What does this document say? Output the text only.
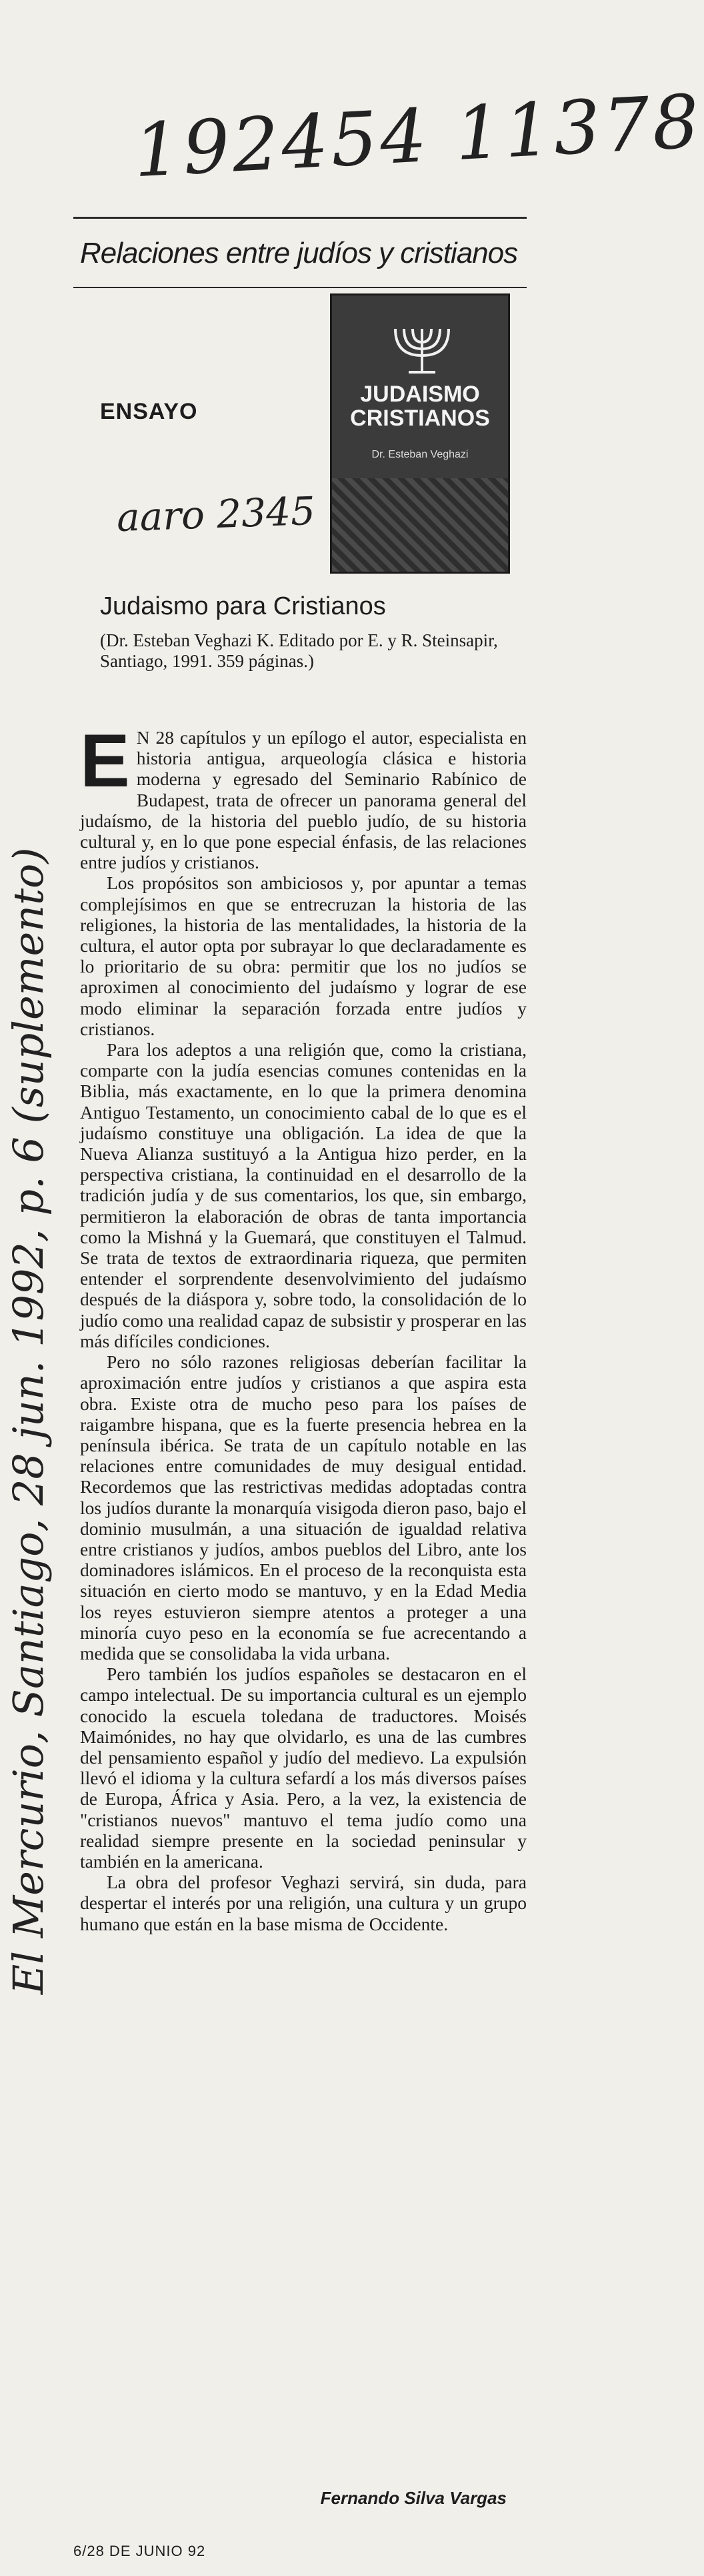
192454 11378
aaro 2345
El Mercurio, Santiago, 28 jun. 1992, p. 6 (suplemento)
Relaciones entre judíos y cristianos
ENSAYO
JUDAISMO CRISTIANOS
Dr. Esteban Veghazi
Judaismo para Cristianos
(Dr. Esteban Veghazi K. Editado por E. y R. Steinsapir, Santiago, 1991. 359 páginas.)

E N 28 capítulos y un epílogo el autor, especialista en historia antigua, arqueología clásica e historia moderna y egresado del Seminario Rabínico de Budapest, trata de ofrecer un panorama general del judaísmo, de la historia del pueblo judío, de su historia cultural y, en lo que pone especial énfasis, de las relaciones entre judíos y cristianos.

Los propósitos son ambiciosos y, por apuntar a temas complejísimos en que se entrecruzan la historia de las religiones, la historia de las mentalidades, la historia de la cultura, el autor opta por subrayar lo que declaradamente es lo prioritario de su obra: permitir que los no judíos se aproximen al conocimiento del judaísmo y lograr de ese modo eliminar la separación forzada entre judíos y cristianos.

Para los adeptos a una religión que, como la cristiana, comparte con la judía esencias comunes contenidas en la Biblia, más exactamente, en lo que la primera denomina Antiguo Testamento, un conocimiento cabal de lo que es el judaísmo constituye una obligación. La idea de que la Nueva Alianza sustituyó a la Antigua hizo perder, en la perspectiva cristiana, la continuidad en el desarrollo de la tradición judía y de sus comentarios, los que, sin embargo, permitieron la elaboración de obras de tanta importancia como la Mishná y la Guemará, que constituyen el Talmud. Se trata de textos de extraordinaria riqueza, que permiten entender el sorprendente desenvolvimiento del judaísmo después de la diáspora y, sobre todo, la consolidación de lo judío como una realidad capaz de subsistir y prosperar en las más difíciles condiciones.

Pero no sólo razones religiosas deberían facilitar la aproximación entre judíos y cristianos a que aspira esta obra. Existe otra de mucho peso para los países de raigambre hispana, que es la fuerte presencia hebrea en la península ibérica. Se trata de un capítulo notable en las relaciones entre comunidades de muy desigual entidad. Recordemos que las restrictivas medidas adoptadas contra los judíos durante la monarquía visigoda dieron paso, bajo el dominio musulmán, a una situación de igualdad relativa entre cristianos y judíos, ambos pueblos del Libro, ante los dominadores islámicos. En el proceso de la reconquista esta situación en cierto modo se mantuvo, y en la Edad Media los reyes estuvieron siempre atentos a proteger a una minoría cuyo peso en la economía se fue acrecentando a medida que se consolidaba la vida urbana.

Pero también los judíos españoles se destacaron en el campo intelectual. De su importancia cultural es un ejemplo conocido la escuela toledana de traductores. Moisés Maimónides, no hay que olvidarlo, es una de las cumbres del pensamiento español y judío del medievo. La expulsión llevó el idioma y la cultura sefardí a los más diversos países de Europa, África y Asia. Pero, a la vez, la existencia de "cristianos nuevos" mantuvo el tema judío como una realidad siempre presente en la sociedad peninsular y también en la americana.

La obra del profesor Veghazi servirá, sin duda, para despertar el interés por una religión, una cultura y un grupo humano que están en la base misma de Occidente.

Fernando Silva Vargas
6/28 DE JUNIO 92
